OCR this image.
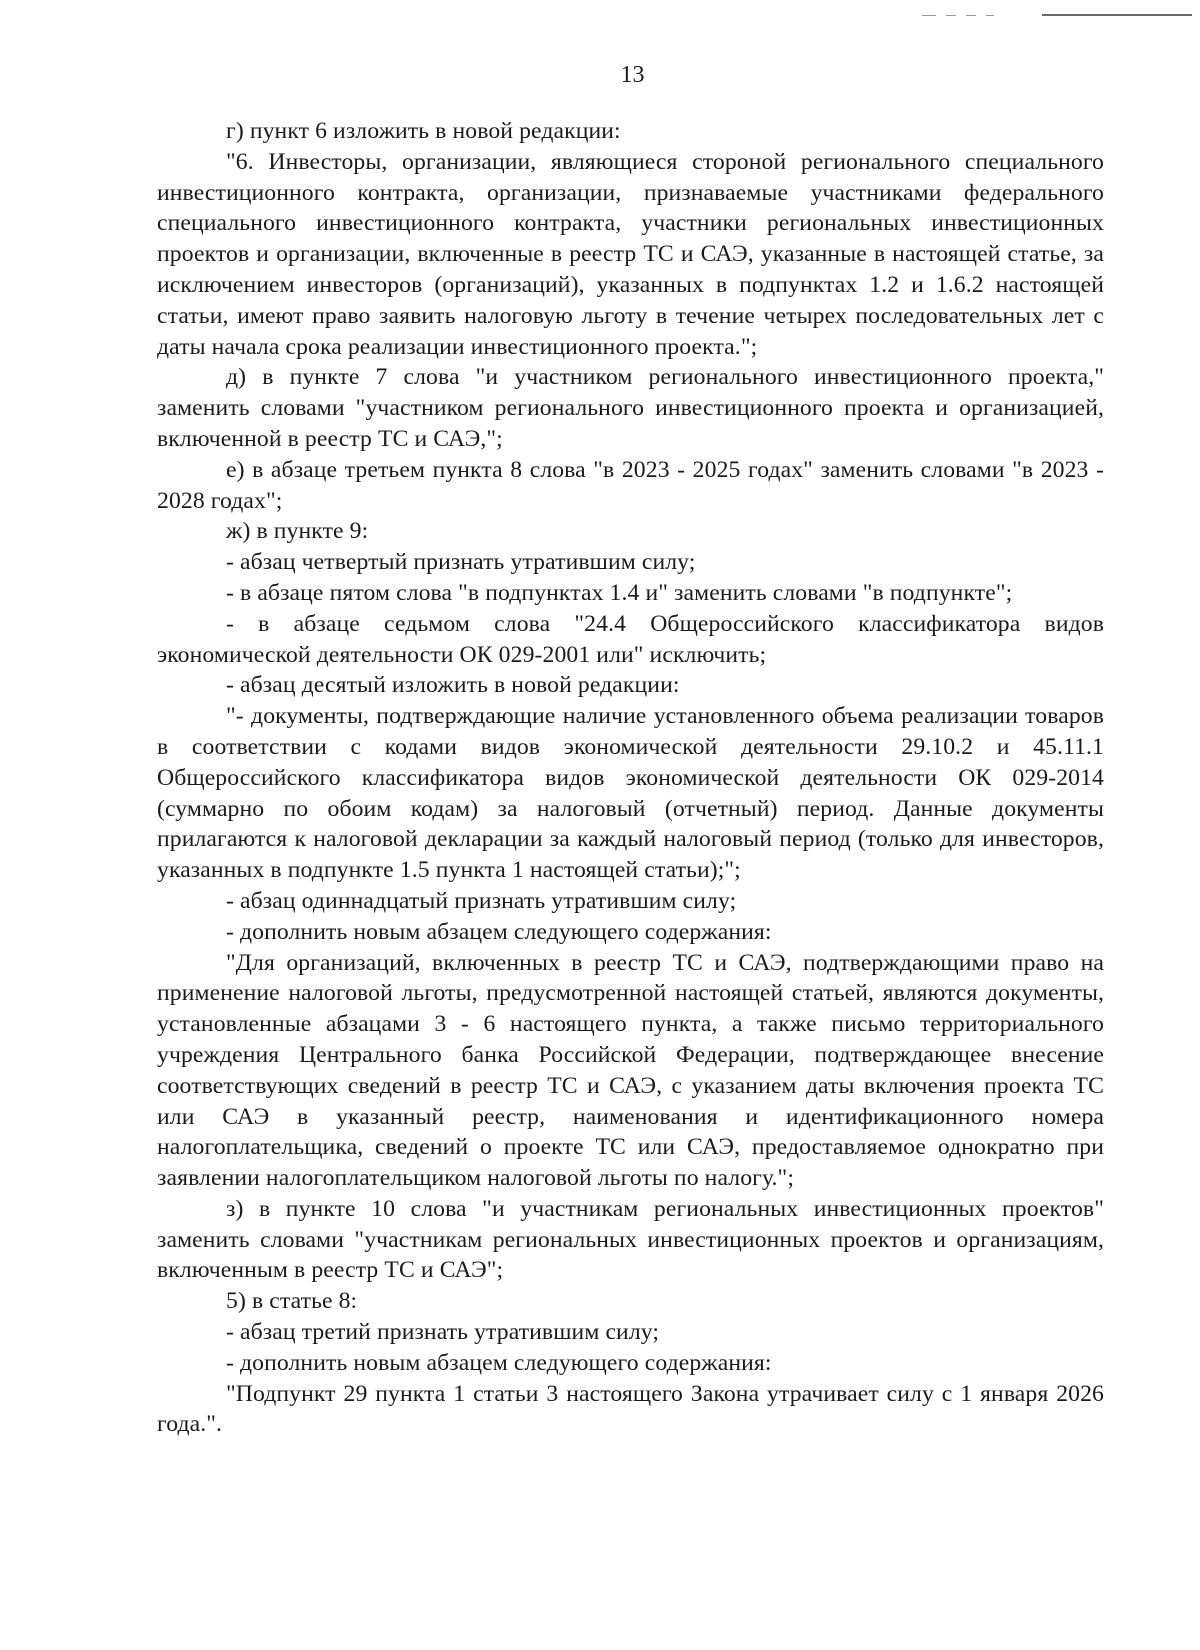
13

г) пункт 6 изложить в новой редакции:

"6. Инвесторы, организации, являющиеся стороной регионального специального инвестиционного контракта, организации, признаваемые участниками федерального специального инвестиционного контракта, участники региональных инвестиционных проектов и организации, включенные в реестр ТС и САЭ, указанные в настоящей статье, за исключением инвесторов (организаций), указанных в подпунктах 1.2 и 1.6.2 настоящей статьи, имеют право заявить налоговую льготу в течение четырех последовательных лет с даты начала срока реализации инвестиционного проекта.";

д) в пункте 7 слова "и участником регионального инвестиционного проекта," заменить словами "участником регионального инвестиционного проекта и организацией, включенной в реестр ТС и САЭ,";

е) в абзаце третьем пункта 8 слова "в 2023 - 2025 годах" заменить словами "в 2023 - 2028 годах";

ж) в пункте 9:

- абзац четвертый признать утратившим силу;

- в абзаце пятом слова "в подпунктах 1.4 и" заменить словами "в подпункте";

- в абзаце седьмом слова "24.4 Общероссийского классификатора видов экономической деятельности ОК 029-2001 или" исключить;

- абзац десятый изложить в новой редакции:

"- документы, подтверждающие наличие установленного объема реализации товаров в соответствии с кодами видов экономической деятельности 29.10.2 и 45.11.1 Общероссийского классификатора видов экономической деятельности ОК 029-2014 (суммарно по обоим кодам) за налоговый (отчетный) период. Данные документы прилагаются к налоговой декларации за каждый налоговый период (только для инвесторов, указанных в подпункте 1.5 пункта 1 настоящей статьи);";

- абзац одиннадцатый признать утратившим силу;

- дополнить новым абзацем следующего содержания:

"Для организаций, включенных в реестр ТС и САЭ, подтверждающими право на применение налоговой льготы, предусмотренной настоящей статьей, являются документы, установленные абзацами 3 - 6 настоящего пункта, а также письмо территориального учреждения Центрального банка Российской Федерации, подтверждающее внесение соответствующих сведений в реестр ТС и САЭ, с указанием даты включения проекта ТС или САЭ в указанный реестр, наименования и идентификационного номера налогоплательщика, сведений о проекте ТС или САЭ, предоставляемое однократно при заявлении налогоплательщиком налоговой льготы по налогу.";

з) в пункте 10 слова "и участникам региональных инвестиционных проектов" заменить словами "участникам региональных инвестиционных проектов и организациям, включенным в реестр ТС и САЭ";

5) в статье 8:

- абзац третий признать утратившим силу;

- дополнить новым абзацем следующего содержания:

"Подпункт 29 пункта 1 статьи 3 настоящего Закона утрачивает силу с 1 января 2026 года.".
